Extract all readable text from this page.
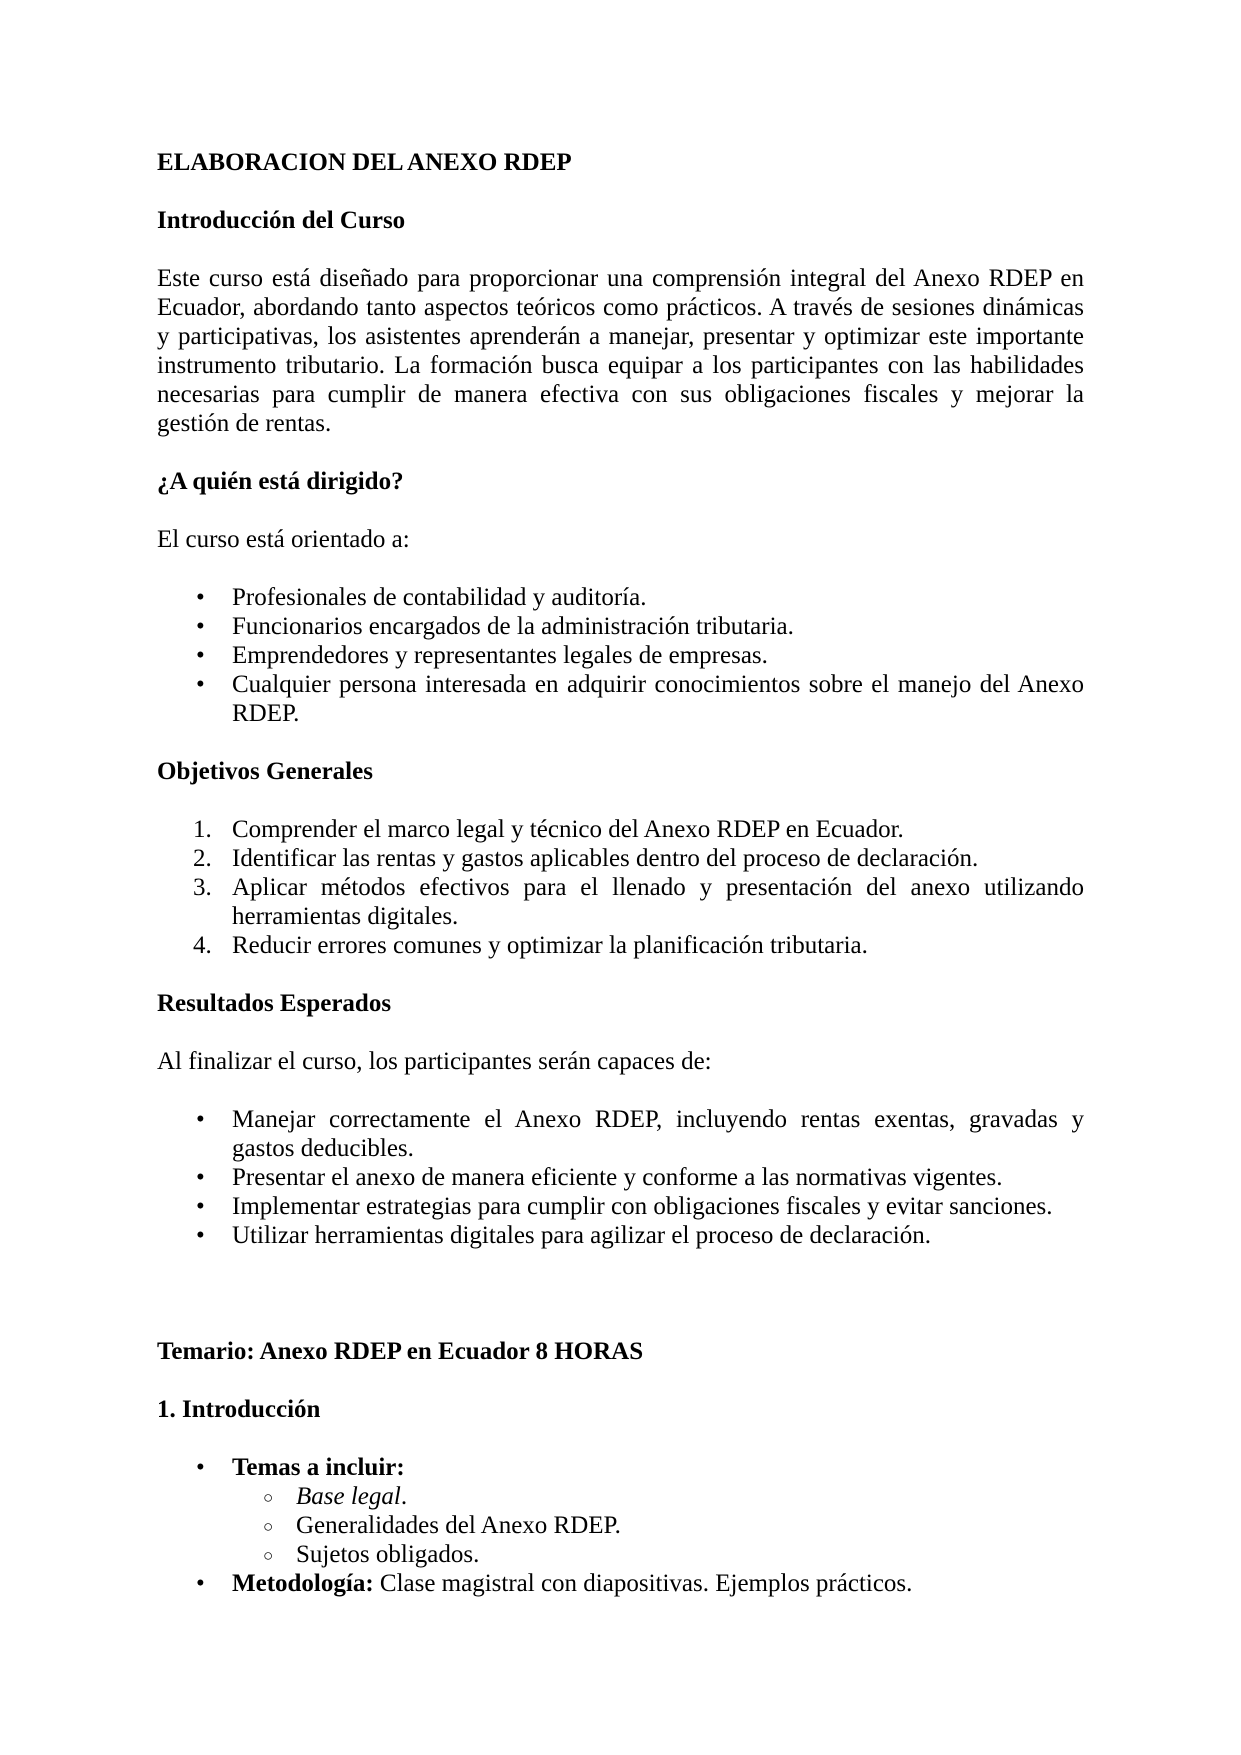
ELABORACION DEL ANEXO RDEP

Introducción del Curso

Este curso está diseñado para proporcionar una comprensión integral del Anexo RDEP en Ecuador, abordando tanto aspectos teóricos como prácticos. A través de sesiones dinámicas y participativas, los asistentes aprenderán a manejar, presentar y optimizar este importante instrumento tributario. La formación busca equipar a los participantes con las habilidades necesarias para cumplir de manera efectiva con sus obligaciones fiscales y mejorar la gestión de rentas.

¿A quién está dirigido?

El curso está orientado a:

• Profesionales de contabilidad y auditoría.
• Funcionarios encargados de la administración tributaria.
• Emprendedores y representantes legales de empresas.
• Cualquier persona interesada en adquirir conocimientos sobre el manejo del Anexo RDEP.

Objetivos Generales

Comprender el marco legal y técnico del Anexo RDEP en Ecuador.
Identificar las rentas y gastos aplicables dentro del proceso de declaración.
Aplicar métodos efectivos para el llenado y presentación del anexo utilizando herramientas digitales.
Reducir errores comunes y optimizar la planificación tributaria.

Resultados Esperados

Al finalizar el curso, los participantes serán capaces de:

• Manejar correctamente el Anexo RDEP, incluyendo rentas exentas, gravadas y gastos deducibles.
• Presentar el anexo de manera eficiente y conforme a las normativas vigentes.
• Implementar estrategias para cumplir con obligaciones fiscales y evitar sanciones.
• Utilizar herramientas digitales para agilizar el proceso de declaración.

Temario: Anexo RDEP en Ecuador 8 HORAS

1. Introducción

• Temas a incluir:
○ Base legal.
○ Generalidades del Anexo RDEP.
○ Sujetos obligados.
• Metodología: Clase magistral con diapositivas. Ejemplos prácticos.
